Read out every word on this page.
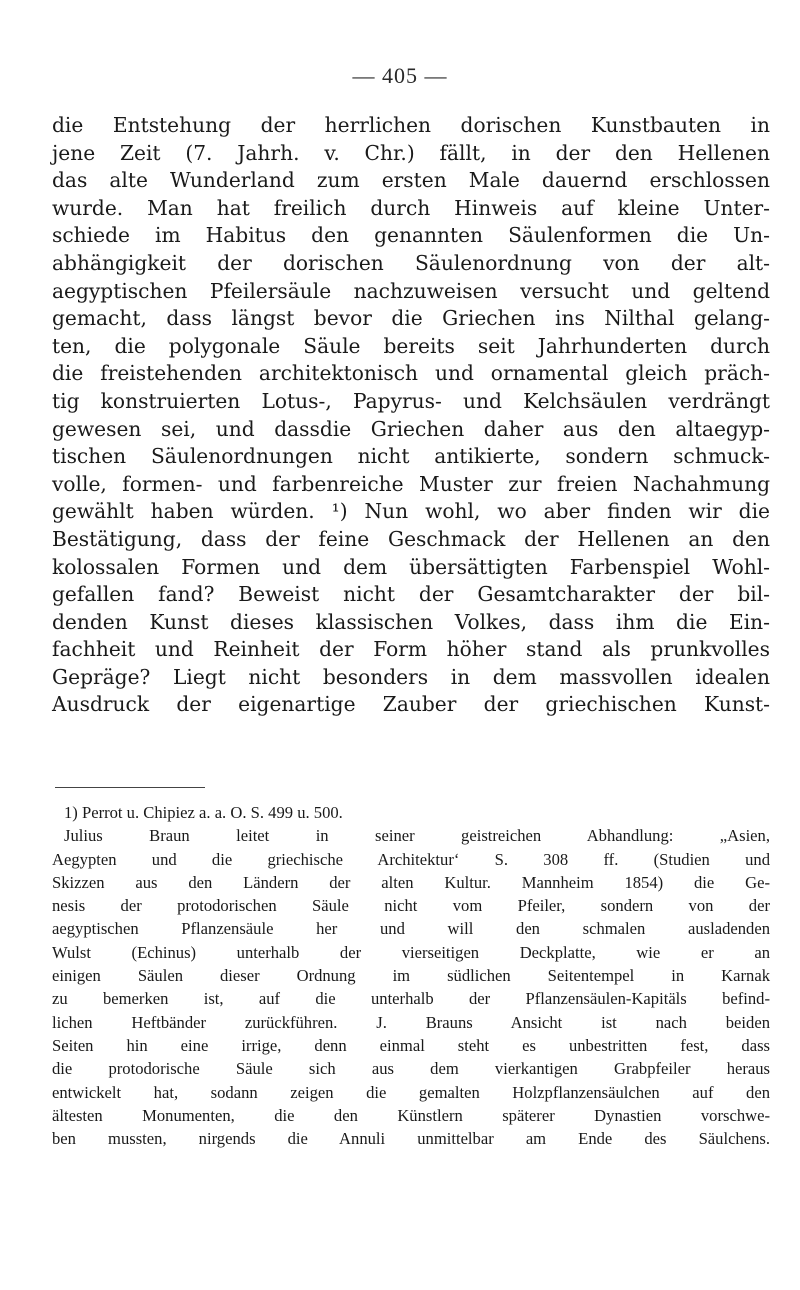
— 405 —
die Entstehung der herrlichen dorischen Kunstbauten in
jene Zeit (7. Jahrh. v. Chr.) fällt, in der den Hellenen
das alte Wunderland zum ersten Male dauernd erschlossen
wurde. Man hat freilich durch Hinweis auf kleine Unter-
schiede im Habitus den genannten Säulenformen die Un-
abhängigkeit der dorischen Säulenordnung von der alt-
aegyptischen Pfeilersäule nachzuweisen versucht und geltend
gemacht, dass längst bevor die Griechen ins Nilthal gelang-
ten, die polygonale Säule bereits seit Jahrhunderten durch
die freistehenden architektonisch und ornamental gleich präch-
tig konstruierten Lotus-, Papyrus- und Kelchsäulen verdrängt
gewesen sei, und dassdie Griechen daher aus den altaegyp-
tischen Säulenordnungen nicht antikierte, sondern schmuck-
volle, formen- und farbenreiche Muster zur freien Nachahmung
gewählt haben würden. ¹) Nun wohl, wo aber finden wir die
Bestätigung, dass der feine Geschmack der Hellenen an den
kolossalen Formen und dem übersättigten Farbenspiel Wohl-
gefallen fand? Beweist nicht der Gesamtcharakter der bil-
denden Kunst dieses klassischen Volkes, dass ihm die Ein-
fachheit und Reinheit der Form höher stand als prunkvolles
Gepräge? Liegt nicht besonders in dem massvollen idealen
Ausdruck der eigenartige Zauber der griechischen Kunst-
1) Perrot u. Chipiez a. a. O. S. 499 u. 500.
Julius Braun leitet in seiner geistreichen Abhandlung: „Asien,
Aegypten und die griechische Architektur‘ S. 308 ff. (Studien und
Skizzen aus den Ländern der alten Kultur. Mannheim 1854) die Ge-
nesis der protodorischen Säule nicht vom Pfeiler, sondern von der
aegyptischen Pflanzensäule her und will den schmalen ausladenden
Wulst (Echinus) unterhalb der vierseitigen Deckplatte, wie er an
einigen Säulen dieser Ordnung im südlichen Seitentempel in Karnak
zu bemerken ist, auf die unterhalb der Pflanzensäulen-Kapitäls befind-
lichen Heftbänder zurückführen. J. Brauns Ansicht ist nach beiden
Seiten hin eine irrige, denn einmal steht es unbestritten fest, dass
die protodorische Säule sich aus dem vierkantigen Grabpfeiler heraus
entwickelt hat, sodann zeigen die gemalten Holzpflanzensäulchen auf den
ältesten Monumenten, die den Künstlern späterer Dynastien vorschwe-
ben mussten, nirgends die Annuli unmittelbar am Ende des Säulchens.
